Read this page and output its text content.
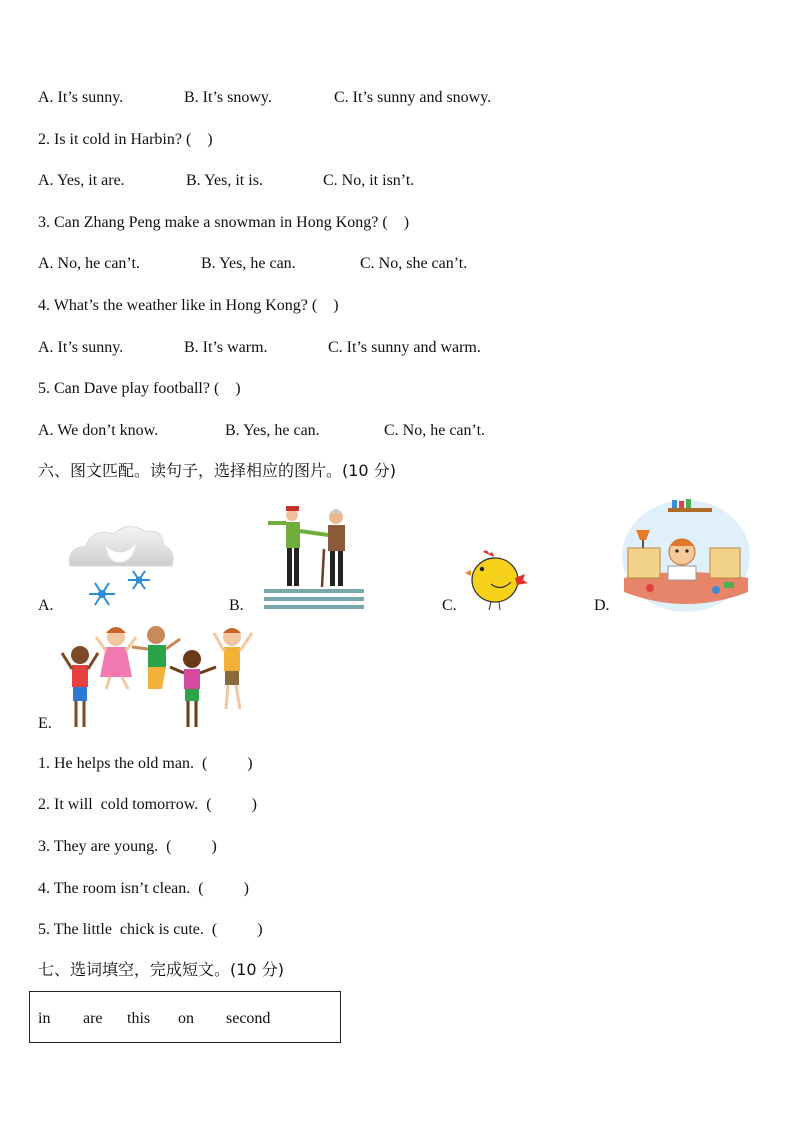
A. It’s sunny.	B. It’s snowy.	C. It’s sunny and snowy.
2. Is it cold in Harbin? (    )
A. Yes, it are.	B. Yes, it is.	C. No, it isn’t.
3. Can Zhang Peng make a snowman in Hong Kong? (    )
A. No, he can’t.	B. Yes, he can.	C. No, she can’t.
4. What’s the weather like in Hong Kong? (    )
A. It’s sunny.	B. It’s warm.	C. It’s sunny and warm.
5. Can Dave play football? (    )
A. We don’t know.	B. Yes, he can.	C. No, he can’t.
六、图文匹配。读句子，选择相应的图片。(10 分)
A.	B.	C.	D.
E.
1. He helps the old man.  (          )
2. It will  cold tomorrow.  (          )
3. They are young.  (          )
4. The room isn’t clean.  (          )
5. The little  chick is cute.  (          )
七、选词填空，完成短文。(10 分)
in are this on second
